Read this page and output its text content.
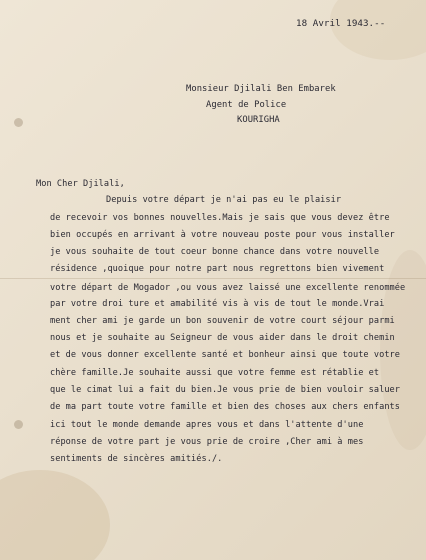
18 Avril 1943.--
Monsieur Djilali Ben Embarek
Agent de Police
KOURIGHA
Mon Cher Djilali,
Depuis votre départ je n'ai pas eu le plaisir
de recevoir vos bonnes nouvelles.Mais je sais que vous devez être
bien occupés en arrivant à votre nouveau poste pour vous installer
je vous souhaite de tout coeur bonne chance dans votre nouvelle
résidence ,quoique pour notre part nous regrettons bien vivement
votre départ de Mogador ,ou vous avez laissé une excellente renommée
par votre droi ture et amabilité vis à vis de tout le monde.Vrai
ment cher ami je garde un bon souvenir de votre court séjour parmi
nous et je souhaite au Seigneur de vous aider dans le droit chemin
et de vous donner excellente santé et bonheur ainsi que toute votre
chère famille.Je souhaite aussi que votre femme est rétablie et
que le cimat lui a fait du bien.Je vous prie de bien vouloir saluer
de ma part toute votre famille et bien des choses aux chers enfants
ici tout le monde demande apres vous et dans l'attente d'une
réponse de votre part je vous prie de croire ,Cher ami à mes
sentiments de sincères amitiés./.
